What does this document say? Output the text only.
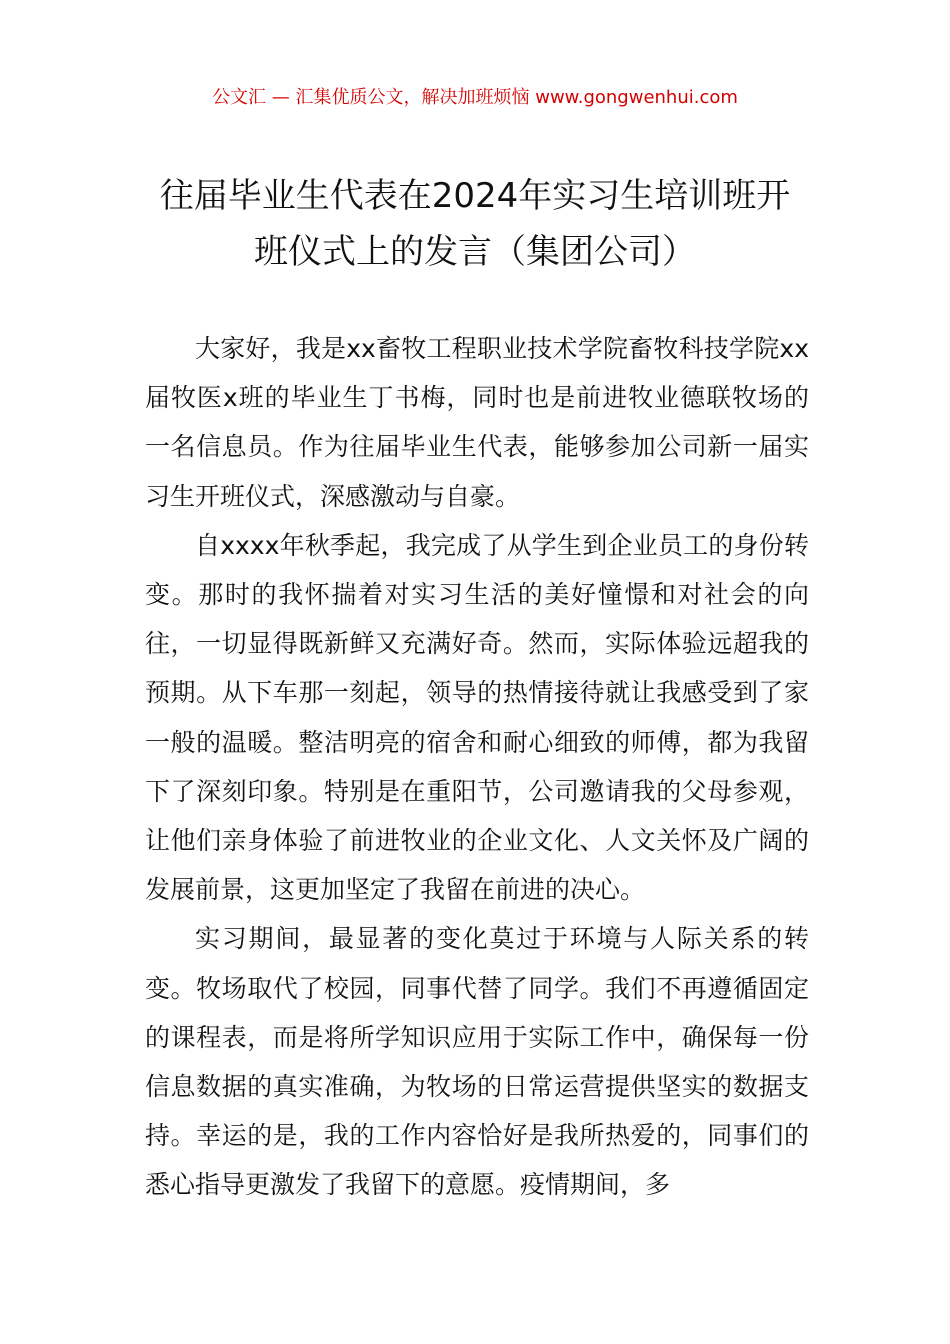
公文汇 — 汇集优质公文，解决加班烦恼 www.gongwenhui.com
往届毕业生代表在2024年实习生培训班开
班仪式上的发言（集团公司）

大家好，我是xx畜牧工程职业技术学院畜牧科技学院xx届牧医x班的毕业生丁书梅，同时也是前进牧业德联牧场的一名信息员。作为往届毕业生代表，能够参加公司新一届实习生开班仪式，深感激动与自豪。

自xxxx年秋季起，我完成了从学生到企业员工的身份转变。那时的我怀揣着对实习生活的美好憧憬和对社会的向往，一切显得既新鲜又充满好奇。然而，实际体验远超我的预期。从下车那一刻起，领导的热情接待就让我感受到了家一般的温暖。整洁明亮的宿舍和耐心细致的师傅，都为我留下了深刻印象。特别是在重阳节，公司邀请我的父母参观，让他们亲身体验了前进牧业的企业文化、人文关怀及广阔的发展前景，这更加坚定了我留在前进的决心。

实习期间，最显著的变化莫过于环境与人际关系的转变。牧场取代了校园，同事代替了同学。我们不再遵循固定的课程表，而是将所学知识应用于实际工作中，确保每一份信息数据的真实准确，为牧场的日常运营提供坚实的数据支持。幸运的是，我的工作内容恰好是我所热爱的，同事们的悉心指导更激发了我留下的意愿。疫情期间，多
